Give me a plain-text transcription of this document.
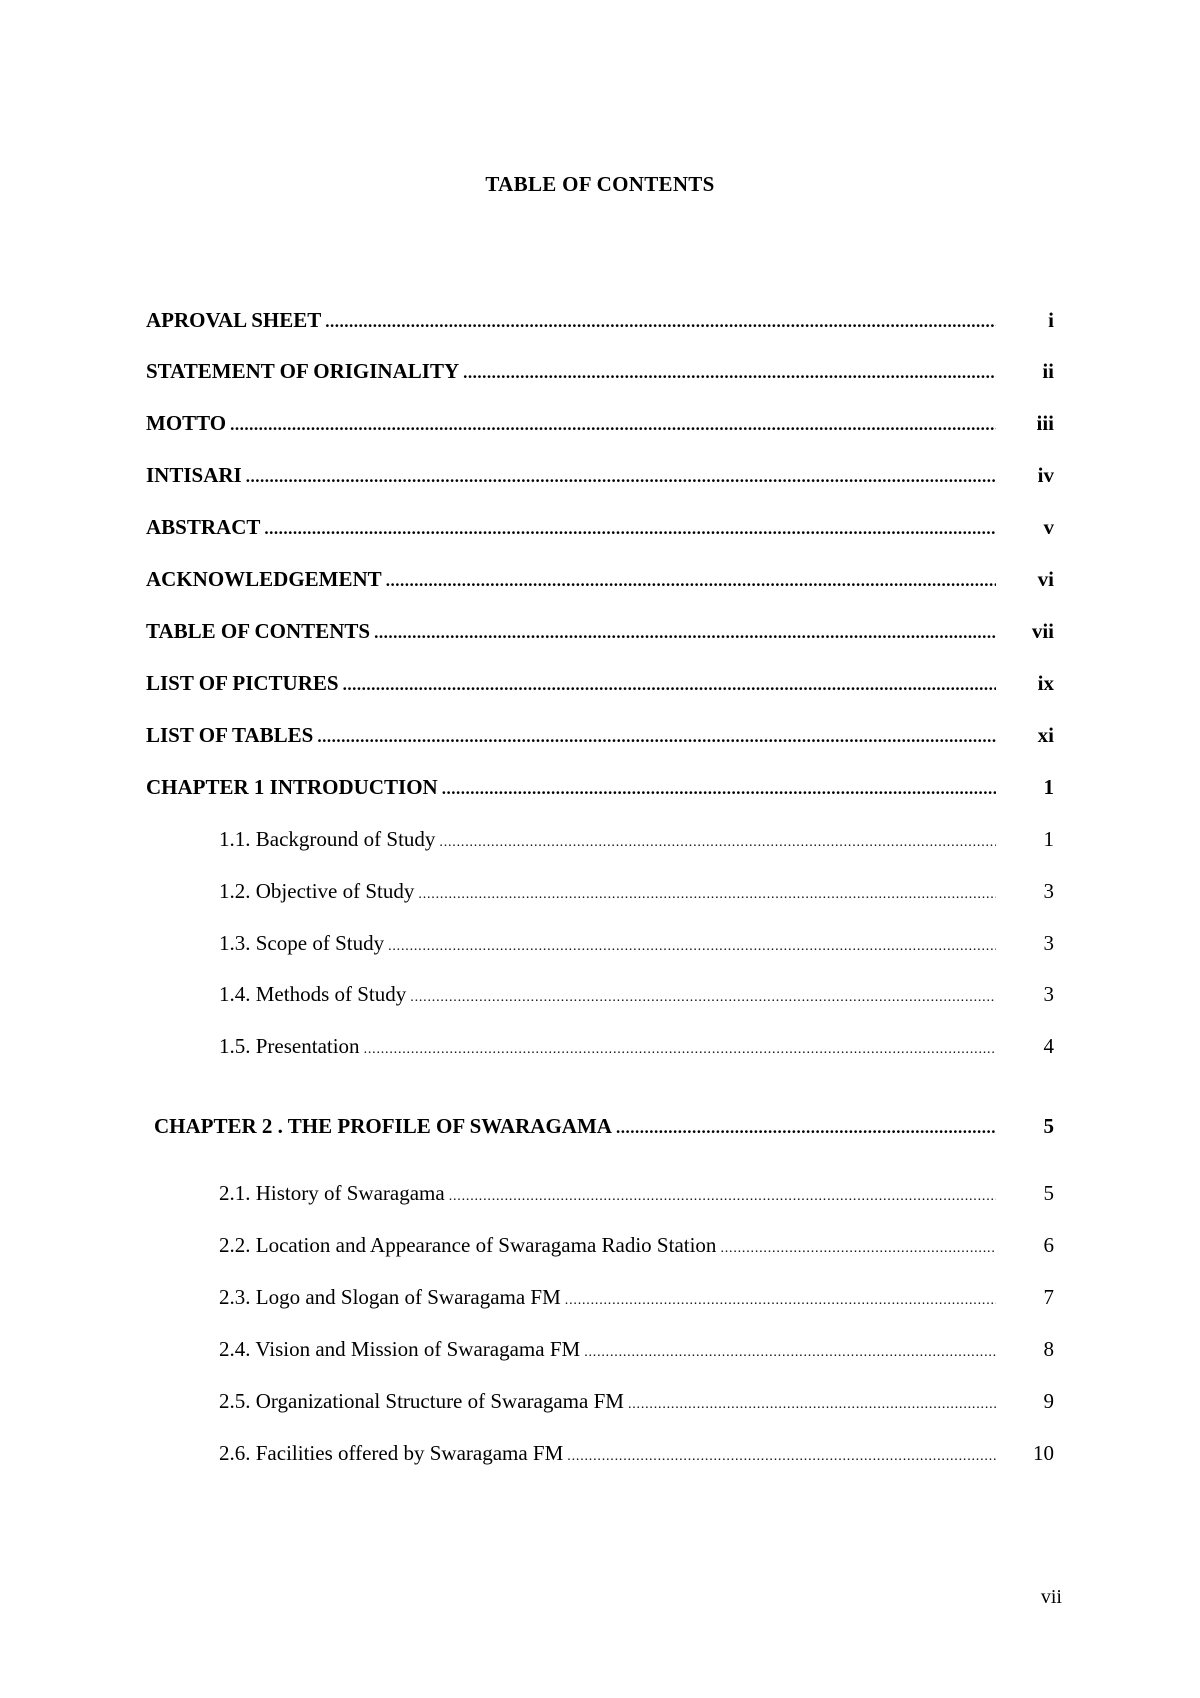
TABLE OF CONTENTS
APROVAL SHEET .....	i
STATEMENT OF ORIGINALITY .....	ii
MOTTO .....	iii
INTISARI .....	iv
ABSTRACT .....	v
ACKNOWLEDGEMENT .....	vi
TABLE OF CONTENTS .....	vii
LIST OF PICTURES .....	ix
LIST OF TABLES .....	xi
CHAPTER 1 INTRODUCTION .....	1
1.1. Background of Study .....	1
1.2. Objective of Study .....	3
1.3. Scope of Study .....	3
1.4. Methods of Study .....	3
1.5. Presentation .....	4
CHAPTER 2 . THE PROFILE OF SWARAGAMA .....	5
2.1. History of Swaragama .....	5
2.2. Location and Appearance of Swaragama Radio Station .....	6
2.3. Logo and Slogan of Swaragama FM .....	7
2.4. Vision and Mission of Swaragama FM .....	8
2.5. Organizational Structure of Swaragama FM .....	9
2.6. Facilities offered by Swaragama FM .....	10
vii
